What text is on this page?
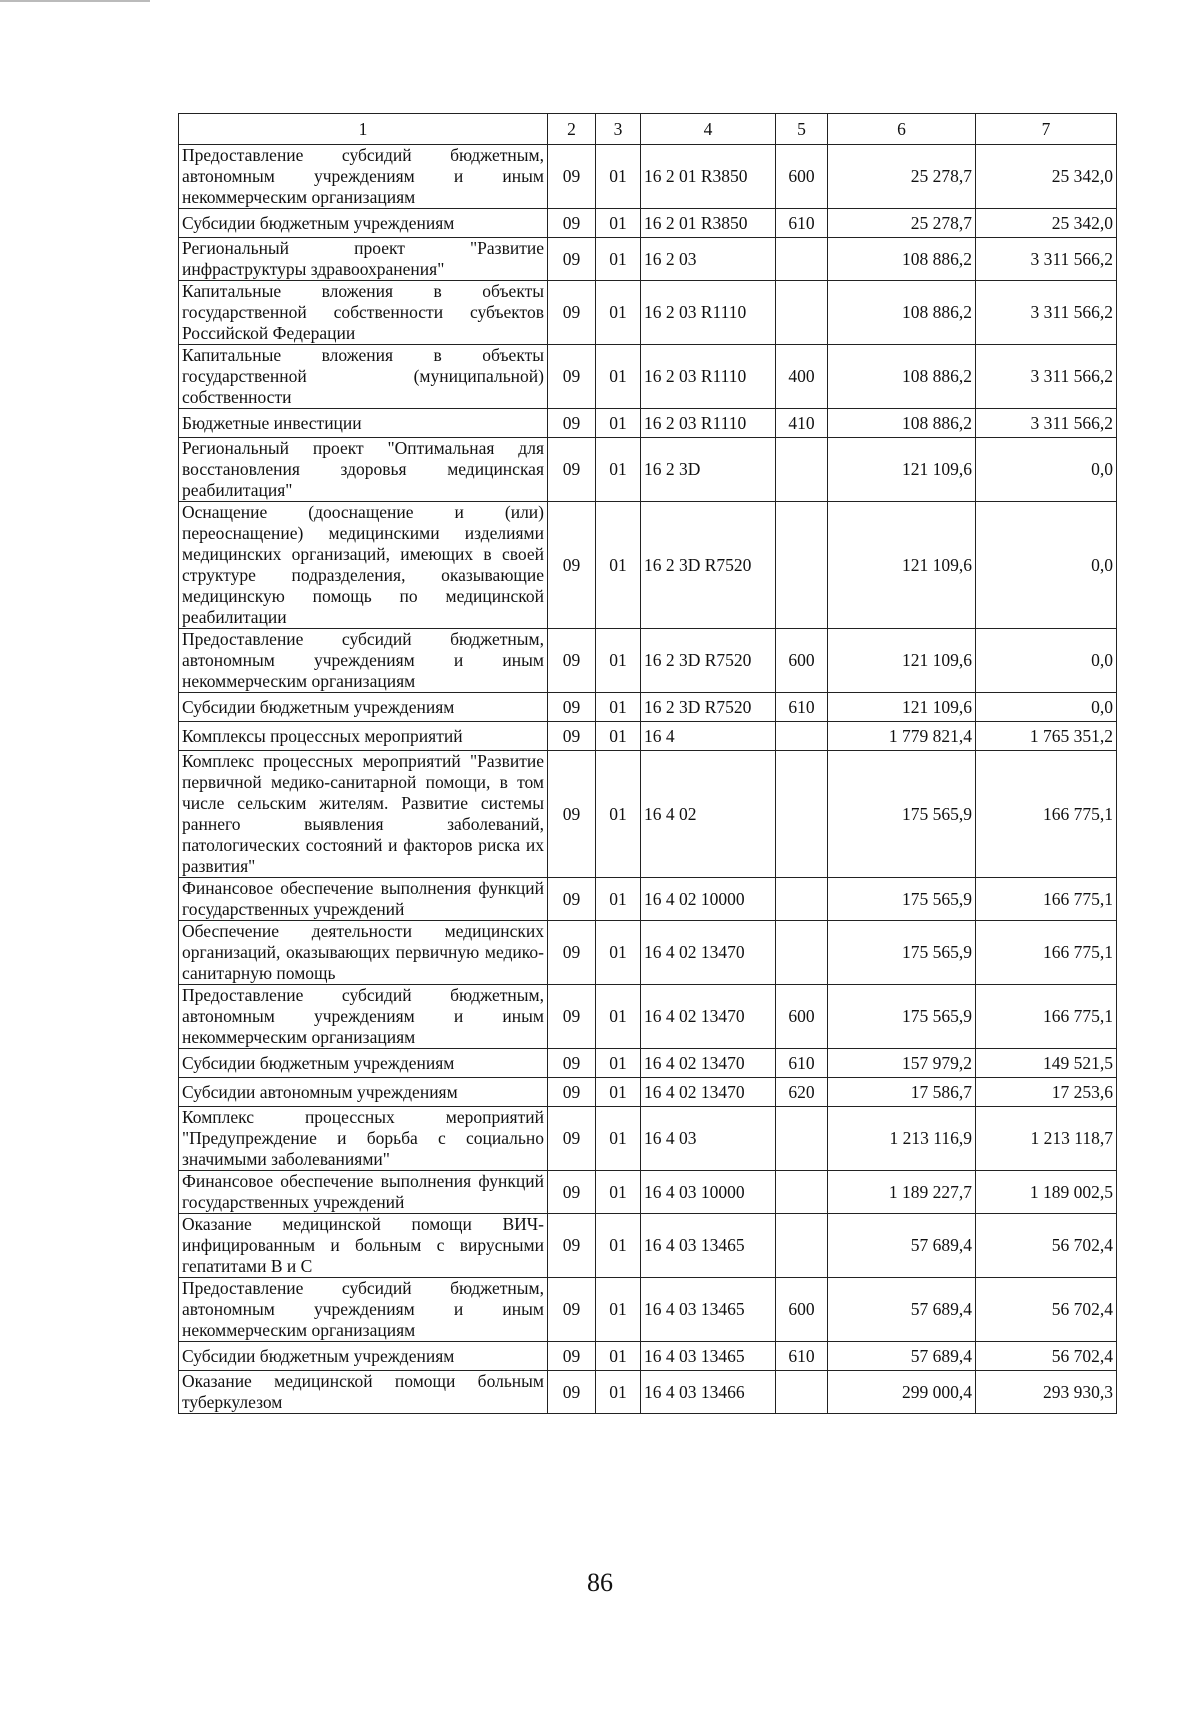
1	2	3	4	5	6	7
Предоставление субсидий бюджетным, автономным учреждениям и иным некоммерческим организациям	09	01	16 2 01 R3850	600	25 278,7	25 342,0
Субсидии бюджетным учреждениям	09	01	16 2 01 R3850	610	25 278,7	25 342,0
Региональный проект "Развитие инфраструктуры здравоохранения"	09	01	16 2 03		108 886,2	3 311 566,2
Капитальные вложения в объекты государственной собственности субъектов Российской Федерации	09	01	16 2 03 R1110		108 886,2	3 311 566,2
Капитальные вложения в объекты государственной (муниципальной) собственности	09	01	16 2 03 R1110	400	108 886,2	3 311 566,2
Бюджетные инвестиции	09	01	16 2 03 R1110	410	108 886,2	3 311 566,2
Региональный проект "Оптимальная для восстановления здоровья медицинская реабилитация"	09	01	16 2 3D		121 109,6	0,0
Оснащение (дооснащение и (или) переоснащение) медицинскими изделиями медицинских организаций, имеющих в своей структуре подразделения, оказывающие медицинскую помощь по медицинской реабилитации	09	01	16 2 3D R7520		121 109,6	0,0
Предоставление субсидий бюджетным, автономным учреждениям и иным некоммерческим организациям	09	01	16 2 3D R7520	600	121 109,6	0,0
Субсидии бюджетным учреждениям	09	01	16 2 3D R7520	610	121 109,6	0,0
Комплексы процессных мероприятий	09	01	16 4		1 779 821,4	1 765 351,2
Комплекс процессных мероприятий "Развитие первичной медико-санитарной помощи, в том числе сельским жителям. Развитие системы раннего выявления заболеваний, патологических состояний и факторов риска их развития"	09	01	16 4 02		175 565,9	166 775,1
Финансовое обеспечение выполнения функций государственных учреждений	09	01	16 4 02 10000		175 565,9	166 775,1
Обеспечение деятельности медицинских организаций, оказывающих первичную медико-санитарную помощь	09	01	16 4 02 13470		175 565,9	166 775,1
Предоставление субсидий бюджетным, автономным учреждениям и иным некоммерческим организациям	09	01	16 4 02 13470	600	175 565,9	166 775,1
Субсидии бюджетным учреждениям	09	01	16 4 02 13470	610	157 979,2	149 521,5
Субсидии автономным учреждениям	09	01	16 4 02 13470	620	17 586,7	17 253,6
Комплекс процессных мероприятий "Предупреждение и борьба с социально значимыми заболеваниями"	09	01	16 4 03		1 213 116,9	1 213 118,7
Финансовое обеспечение выполнения функций государственных учреждений	09	01	16 4 03 10000		1 189 227,7	1 189 002,5
Оказание медицинской помощи ВИЧ-инфицированным и больным с вирусными гепатитами В и С	09	01	16 4 03 13465		57 689,4	56 702,4
Предоставление субсидий бюджетным, автономным учреждениям и иным некоммерческим организациям	09	01	16 4 03 13465	600	57 689,4	56 702,4
Субсидии бюджетным учреждениям	09	01	16 4 03 13465	610	57 689,4	56 702,4
Оказание медицинской помощи больным туберкулезом	09	01	16 4 03 13466		299 000,4	293 930,3
86
